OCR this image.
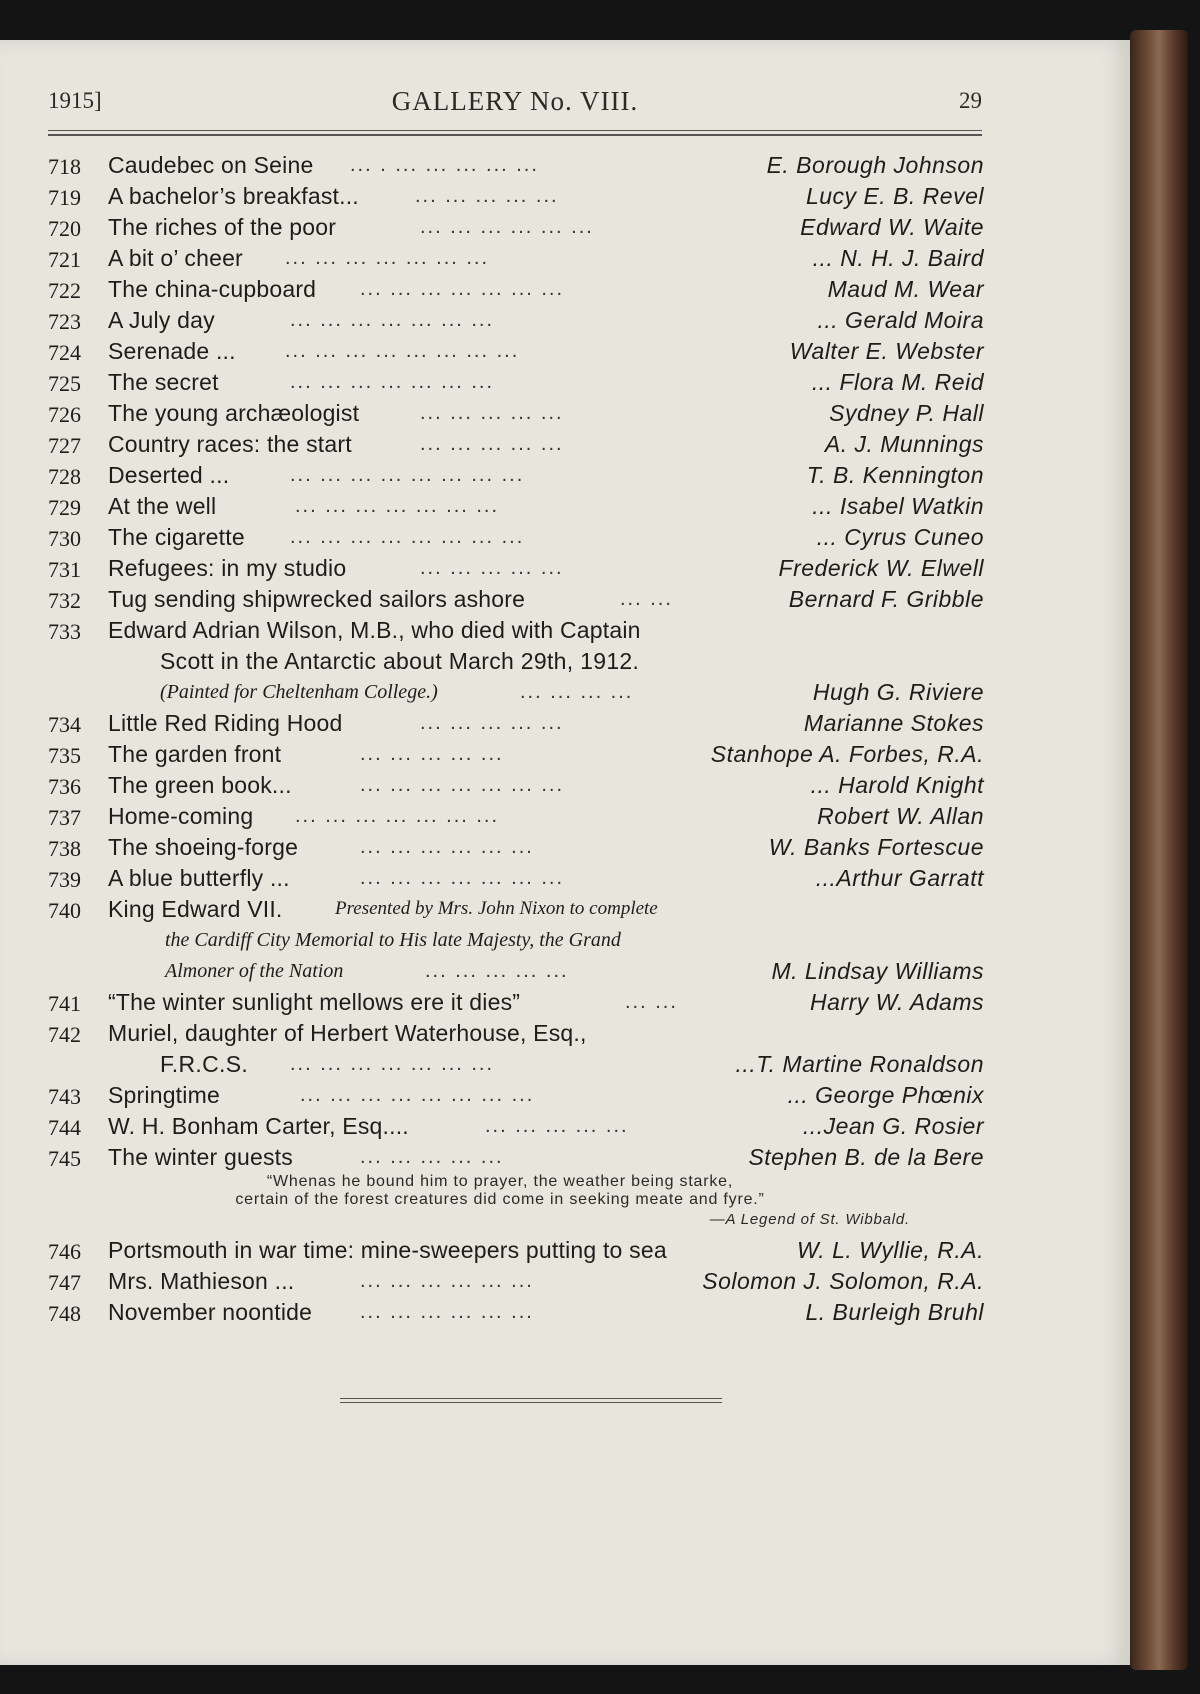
1915]	GALLERY No. VIII.	29
718 Caudebec on Seine ... . ... ... ... ... ...	E. Borough Johnson
719 A bachelor’s breakfast...	... ... ... ... ...	Lucy E. B. Revel
720 The riches of the poor	... ... ... ... ... ...	Edward W. Waite
721 A bit o’ cheer ... ... ... ... ... ... ...	... N. H. J. Baird
722 The china-cupboard ... ... ... ... ... ... ...	Maud M. Wear
723 A July day	... ... ... ... ... ... ...	... Gerald Moira
724 Serenade ... ... ... ... ... ... ... ... ...	Walter E. Webster
725 The secret	... ... ... ... ... ... ...	... Flora M. Reid
726 The young archæologist	... ... ... ... ...	Sydney P. Hall
727 Country races: the start	... ... ... ... ...	A. J. Munnings
728 Deserted ...	... ... ... ... ... ... ... ...	T. B. Kennington
729 At the well	... ... ... ... ... ... ...	... Isabel Watkin
730 The cigarette ... ... ... ... ... ... ... ...	... Cyrus Cuneo
731 Refugees: in my studio	... ... ... ... ...	Frederick W. Elwell
732 Tug sending shipwrecked sailors ashore	... ...	Bernard F. Gribble
733 Edward Adrian Wilson, M.B., who died with Captain
Scott in the Antarctic about March 29th, 1912.
(Painted for Cheltenham College.)	... ... ... ...	Hugh G. Riviere
734 Little Red Riding Hood	... ... ... ... ...	Marianne Stokes
735 The garden front	... ... ... ... ...	Stanhope A. Forbes, R.A.
736 The green book...	... ... ... ... ... ... ...	... Harold Knight
737 Home-coming ... ... ... ... ... ... ...	Robert W. Allan
738 The shoeing-forge	... ... ... ... ... ...	W. Banks Fortescue
739 A blue butterfly ...	... ... ... ... ... ... ...	...Arthur Garratt
740 King Edward VII.	Presented by Mrs. John Nixon to complete
the Cardiff City Memorial to His late Majesty, the Grand
Almoner of the Nation	... ... ... ... ...	M. Lindsay Williams
741 “The winter sunlight mellows ere it dies”	... ...	Harry W. Adams
742 Muriel, daughter of Herbert Waterhouse, Esq.,
F.R.C.S. ... ... ... ... ... ... ...	...T. Martine Ronaldson
743 Springtime	... ... ... ... ... ... ... ...	... George Phœnix
744 W. H. Bonham Carter, Esq....	... ... ... ... ...	...Jean G. Rosier
745 The winter guests	... ... ... ... ...	Stephen B. de la Bere
“Whenas he bound him to prayer, the weather being starke,
certain of the forest creatures did come in seeking meate and fyre.”
—A Legend of St. Wibbald.
746 Portsmouth in war time: mine-sweepers putting to sea	W. L. Wyllie, R.A.
747 Mrs. Mathieson ...	... ... ... ... ... ...	Solomon J. Solomon, R.A.
748 November noontide ... ... ... ... ... ...	L. Burleigh Bruhl
